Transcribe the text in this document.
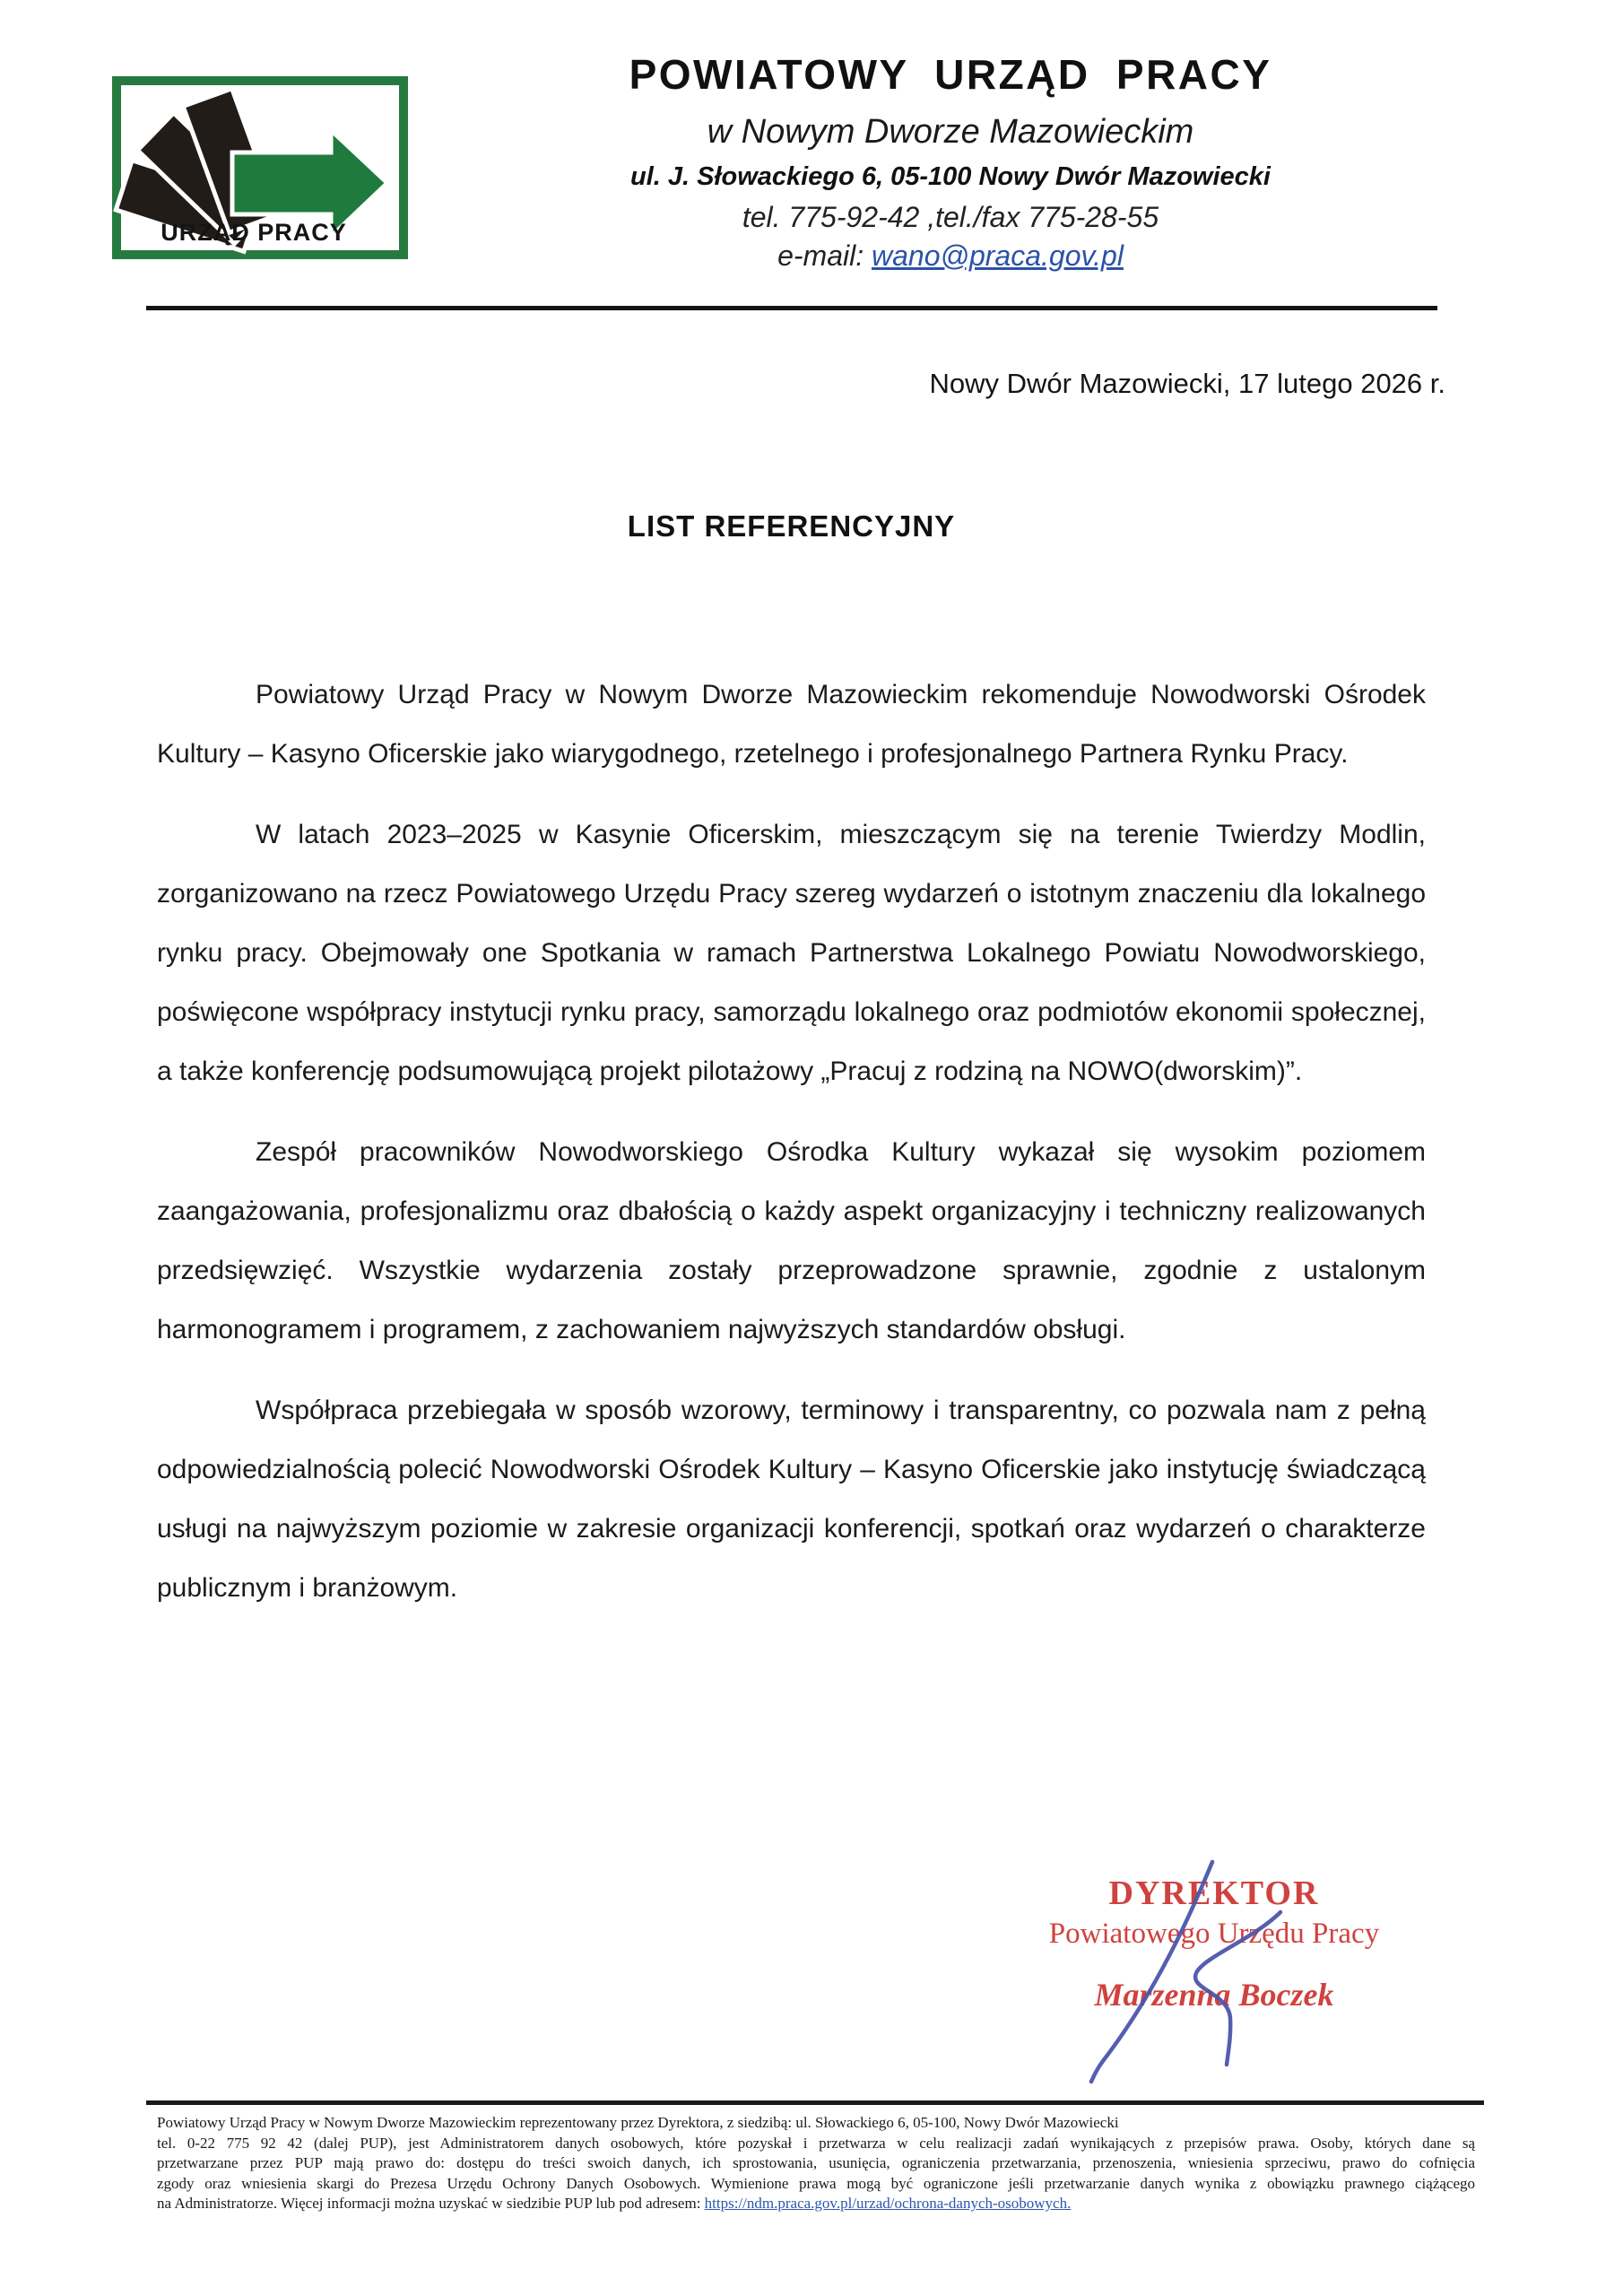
URZĄD PRACY
POWIATOWY URZĄD PRACY
w Nowym Dworze Mazowieckim
ul. J. Słowackiego 6, 05-100 Nowy Dwór Mazowiecki
tel. 775-92-42 ,tel./fax 775-28-55
e-mail: wano@praca.gov.pl
Nowy Dwór Mazowiecki, 17 lutego 2026 r.
LIST REFERENCYJNY

Powiatowy Urząd Pracy w Nowym Dworze Mazowieckim rekomenduje Nowodworski Ośrodek Kultury – Kasyno Oficerskie jako wiarygodnego, rzetelnego i profesjonalnego Partnera Rynku Pracy.

W latach 2023–2025 w Kasynie Oficerskim, mieszczącym się na terenie Twierdzy Modlin, zorganizowano na rzecz Powiatowego Urzędu Pracy szereg wydarzeń o istotnym znaczeniu dla lokalnego rynku pracy. Obejmowały one Spotkania w ramach Partnerstwa Lokalnego Powiatu Nowodworskiego, poświęcone współpracy instytucji rynku pracy, samorządu lokalnego oraz podmiotów ekonomii społecznej, a także konferencję podsumowującą projekt pilotażowy „Pracuj z rodziną na NOWO(dworskim)”.

Zespół pracowników Nowodworskiego Ośrodka Kultury wykazał się wysokim poziomem zaangażowania, profesjonalizmu oraz dbałością o każdy aspekt organizacyjny i techniczny realizowanych przedsięwzięć. Wszystkie wydarzenia zostały przeprowadzone sprawnie, zgodnie z ustalonym harmonogramem i programem, z zachowaniem najwyższych standardów obsługi.

Współpraca przebiegała w sposób wzorowy, terminowy i transparentny, co pozwala nam z pełną odpowiedzialnością polecić Nowodworski Ośrodek Kultury – Kasyno Oficerskie jako instytucję świadczącą usługi na najwyższym poziomie w zakresie organizacji konferencji, spotkań oraz wydarzeń o charakterze publicznym i branżowym.

DYREKTOR
Powiatowego Urzędu Pracy
Marzenna Boczek
Powiatowy Urząd Pracy w Nowym Dworze Mazowieckim reprezentowany przez Dyrektora, z siedzibą: ul. Słowackiego 6, 05-100, Nowy Dwór Mazowiecki
tel. 0-22 775 92 42 (dalej PUP), jest Administratorem danych osobowych, które pozyskał i przetwarza w celu realizacji zadań wynikających z przepisów prawa. Osoby, których dane są
przetwarzane przez PUP mają prawo do: dostępu do treści swoich danych, ich sprostowania, usunięcia, ograniczenia przetwarzania, przenoszenia, wniesienia sprzeciwu, prawo do cofnięcia
zgody oraz wniesienia skargi do Prezesa Urzędu Ochrony Danych Osobowych. Wymienione prawa mogą być ograniczone jeśli przetwarzanie danych wynika z obowiązku prawnego ciążącego
na Administratorze. Więcej informacji można uzyskać w siedzibie PUP lub pod adresem: https://ndm.praca.gov.pl/urzad/ochrona-danych-osobowych.
